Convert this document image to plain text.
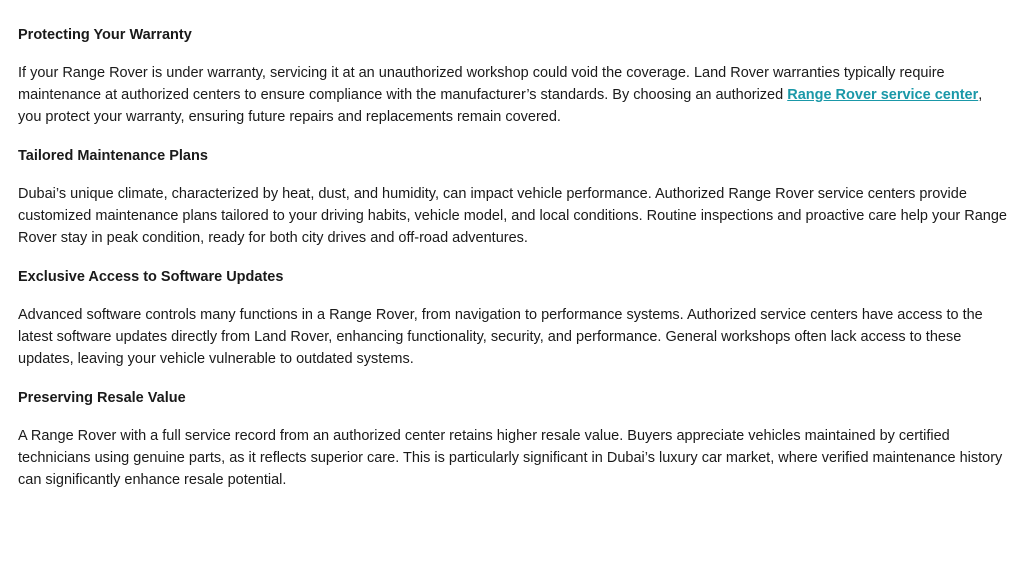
Protecting Your Warranty

If your Range Rover is under warranty, servicing it at an unauthorized workshop could void the coverage. Land Rover warranties typically require maintenance at authorized centers to ensure compliance with the manufacturer’s standards. By choosing an authorized Range Rover service center, you protect your warranty, ensuring future repairs and replacements remain covered.

Tailored Maintenance Plans

Dubai’s unique climate, characterized by heat, dust, and humidity, can impact vehicle performance. Authorized Range Rover service centers provide customized maintenance plans tailored to your driving habits, vehicle model, and local conditions. Routine inspections and proactive care help your Range Rover stay in peak condition, ready for both city drives and off-road adventures.

Exclusive Access to Software Updates

Advanced software controls many functions in a Range Rover, from navigation to performance systems. Authorized service centers have access to the latest software updates directly from Land Rover, enhancing functionality, security, and performance. General workshops often lack access to these updates, leaving your vehicle vulnerable to outdated systems.

Preserving Resale Value

A Range Rover with a full service record from an authorized center retains higher resale value. Buyers appreciate vehicles maintained by certified technicians using genuine parts, as it reflects superior care. This is particularly significant in Dubai’s luxury car market, where verified maintenance history can significantly enhance resale potential.
